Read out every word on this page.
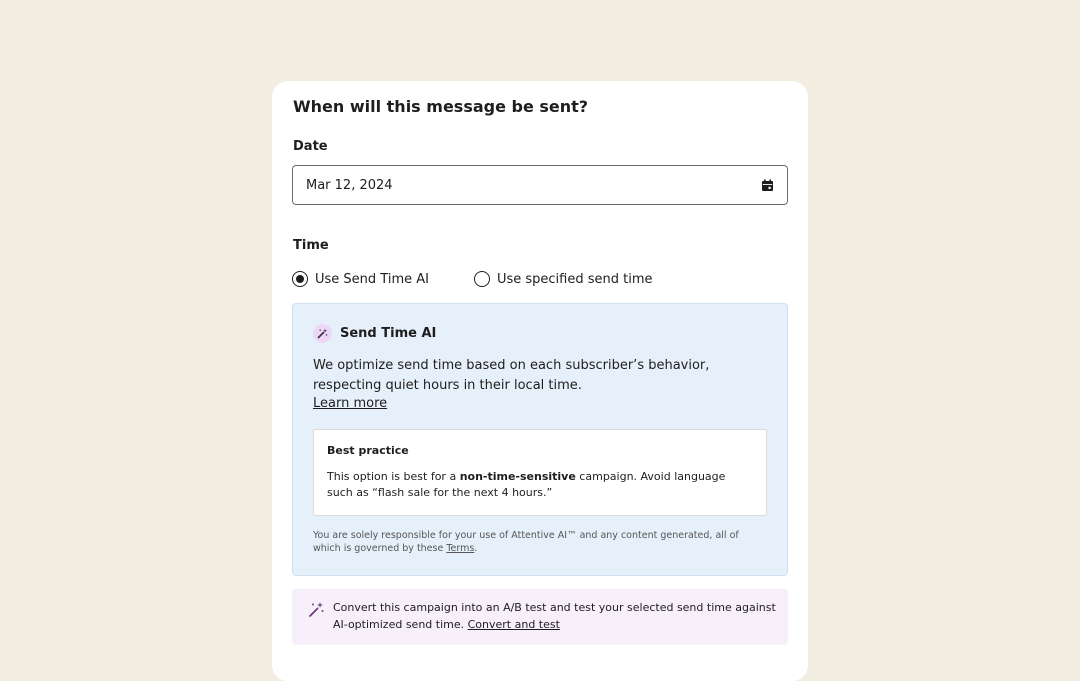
When will this message be sent?
Date
Mar 12, 2024
Time
Use Send Time AI	Use specified send time
Send Time AI
We optimize send time based on each subscriber’s behavior, respecting quiet hours in their local time.
Learn more
Best practice
This option is best for a non-time-sensitive campaign. Avoid language such as “flash sale for the next 4 hours.”
You are solely responsible for your use of Attentive AI™ and any content generated, all of which is governed by these Terms.
Convert this campaign into an A/B test and test your selected send time against AI-optimized send time. Convert and test
